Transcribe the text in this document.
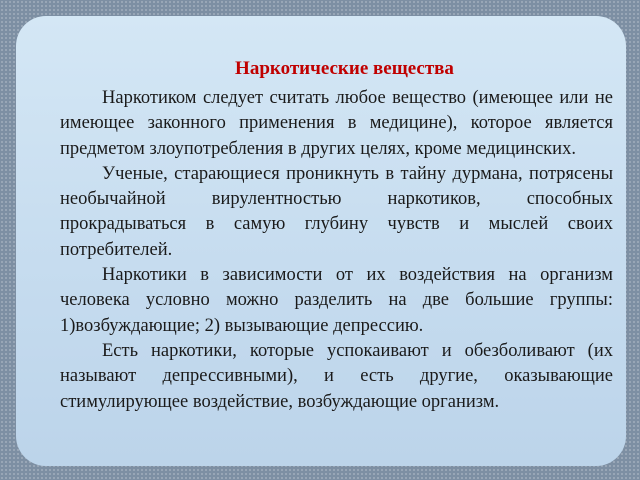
Наркотические вещества

Наркотиком следует считать любое вещество (имеющее или не имеющее законного применения в медицине), которое является предметом злоупотребления в других целях, кроме медицинских.

Ученые, старающиеся проникнуть в тайну дурмана, потрясены необычайной вирулентностью наркотиков, способных прокрадываться в самую глубину чувств и мыслей своих потребителей.

Наркотики в зависимости от их воздействия на организм человека условно можно разделить на две большие группы: 1)возбуждающие; 2) вызывающие депрессию.

Есть наркотики, которые успокаивают и обезболивают (их называют депрессивными), и есть другие, оказывающие стимулирующее воздействие, возбуждающие организм.
